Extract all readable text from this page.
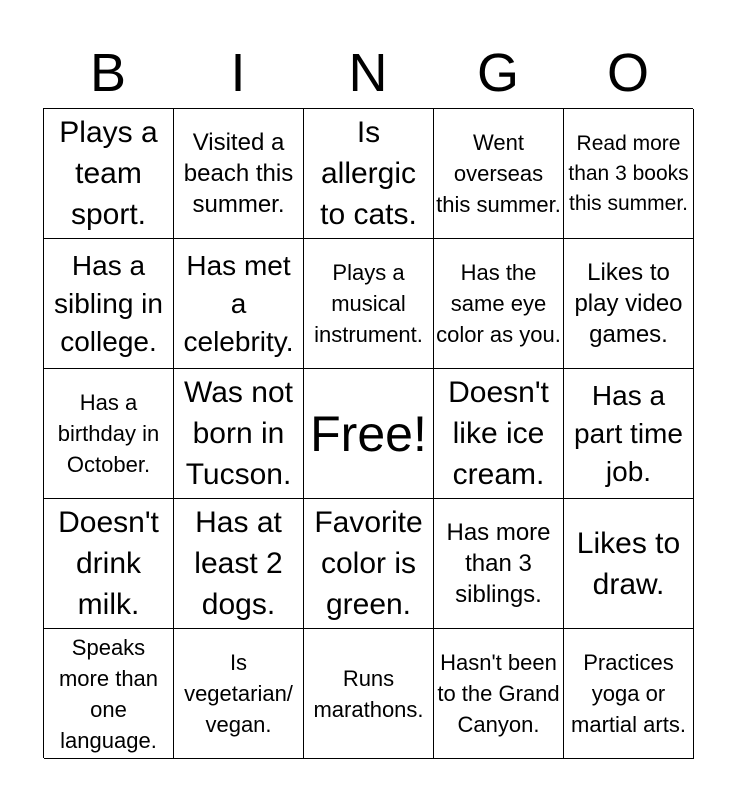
B	I	N	G	O
Plays a team sport.
Visited a beach this summer.
Is allergic to cats.
Went overseas this summer.
Read more than 3 books this summer.
Has a sibling in college.
Has met a celebrity.
Plays a musical instrument.
Has the same eye color as you.
Likes to play video games.
Has a birthday in October.
Was not born in Tucson.
Free!
Doesn't like ice cream.
Has a part time job.
Doesn't drink milk.
Has at least 2 dogs.
Favorite color is green.
Has more than 3 siblings.
Likes to draw.
Speaks more than one language.
Is vegetarian/ vegan.
Runs marathons.
Hasn't been to the Grand Canyon.
Practices yoga or martial arts.
